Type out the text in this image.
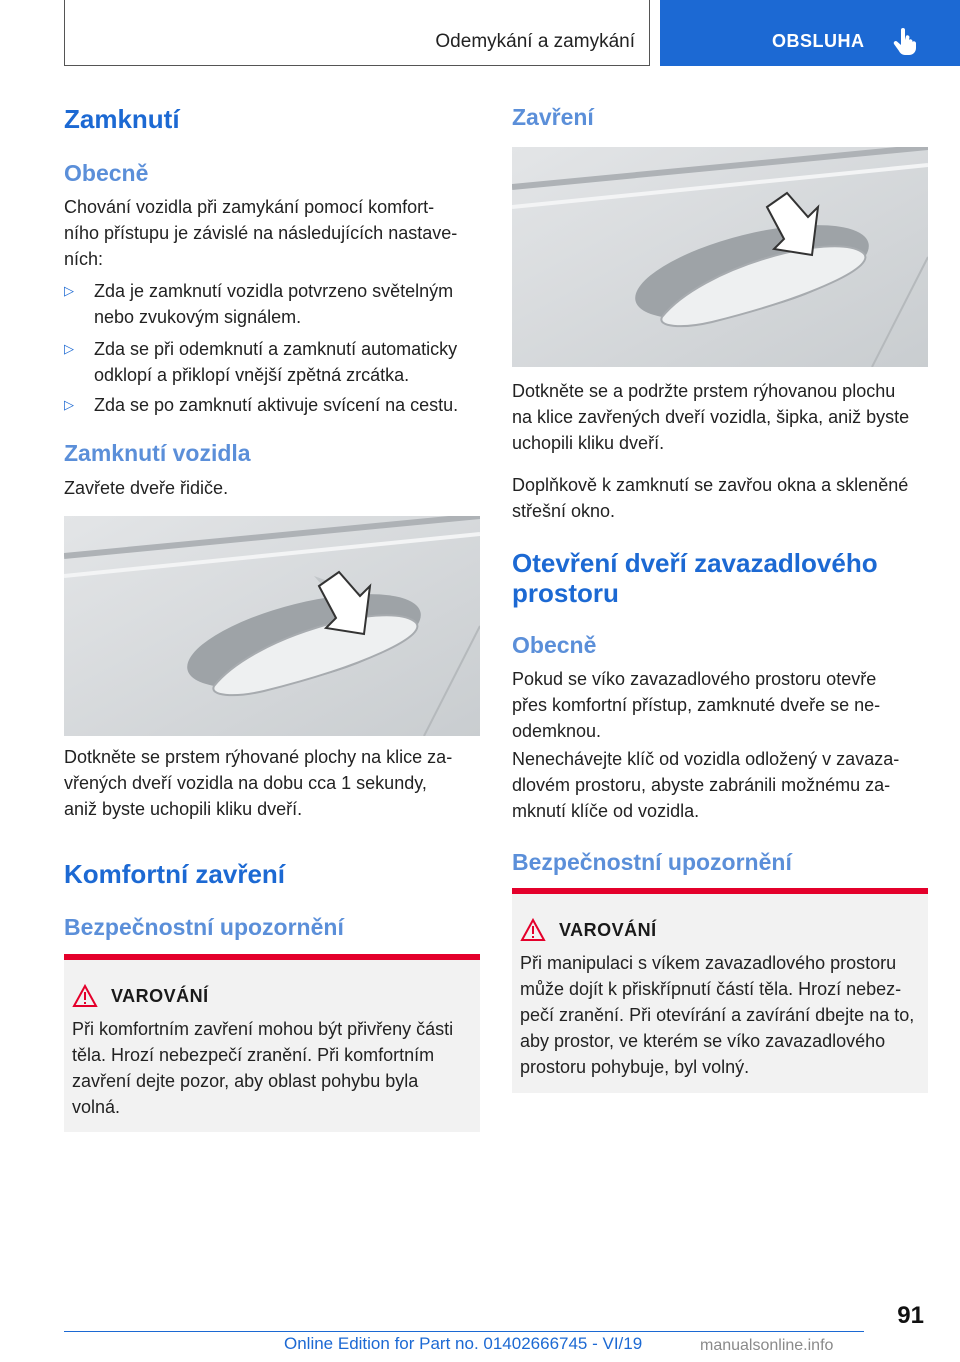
Odemykání a zamykání	OBSLUHA
Zamknutí
Obecně
Chování vozidla při zamykání pomocí komfort-
ního přístupu je závislé na následujících nastave-
ních:
▷ Zda je zamknutí vozidla potvrzeno světelným
nebo zvukovým signálem.
▷ Zda se při odemknutí a zamknutí automaticky
odklopí a přiklopí vnější zpětná zrcátka.
▷ Zda se po zamknutí aktivuje svícení na cestu.
Zamknutí vozidla
Zavřete dveře řidiče.
Dotkněte se prstem rýhované plochy na klice za-
vřených dveří vozidla na dobu cca 1 sekundy,
aniž byste uchopili kliku dveří.
Komfortní zavření
Bezpečnostní upozornění
VAROVÁNÍ
Při komfortním zavření mohou být přivřeny části
těla. Hrozí nebezpečí zranění. Při komfortním
zavření dejte pozor, aby oblast pohybu byla
volná.
Zavření
Dotkněte se a podržte prstem rýhovanou plochu
na klice zavřených dveří vozidla, šipka, aniž byste
uchopili kliku dveří.
Doplňkově k zamknutí se zavřou okna a skleněné
střešní okno.
Otevření dveří zavazadlového
prostoru
Obecně
Pokud se víko zavazadlového prostoru otevře
přes komfortní přístup, zamknuté dveře se ne-
odemknou.
Nenechávejte klíč od vozidla odložený v zavaza-
dlovém prostoru, abyste zabránili možnému za-
mknutí klíče od vozidla.
Bezpečnostní upozornění
VAROVÁNÍ
Při manipulaci s víkem zavazadlového prostoru
může dojít k přiskřípnutí částí těla. Hrozí nebez-
pečí zranění. Při otevírání a zavírání dbejte na to,
aby prostor, ve kterém se víko zavazadlového
prostoru pohybuje, byl volný.
91
Online Edition for Part no. 01402666745 - VI/19	manualsonline.info
